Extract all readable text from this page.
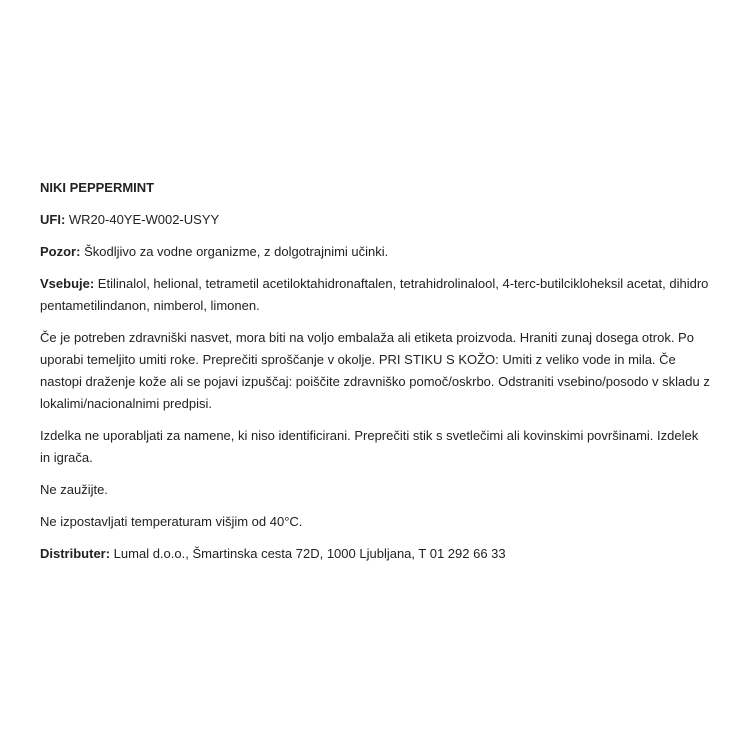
NIKI PEPPERMINT

UFI: WR20-40YE-W002-USYY

Pozor: Škodljivo za vodne organizme, z dolgotrajnimi učinki.

Vsebuje: Etilinalol, helional, tetrametil acetiloktahidronaftalen, tetrahidrolinalool, 4-terc-butilcikloheksil acetat, dihidro pentametilindanon, nimberol, limonen.

Če je potreben zdravniški nasvet, mora biti na voljo embalaža ali etiketa proizvoda. Hraniti zunaj dosega otrok. Po uporabi temeljito umiti roke. Preprečiti sproščanje v okolje. PRI STIKU S KOŽO: Umiti z veliko vode in mila. Če nastopi draženje kože ali se pojavi izpuščaj: poiščite zdravniško pomoč/oskrbo. Odstraniti vsebino/posodo v skladu z lokalimi/nacionalnimi predpisi.

Izdelka ne uporabljati za namene, ki niso identificirani. Preprečiti stik s svetlečimi ali kovinskimi površinami. Izdelek in igrača.

Ne zaužijte.

Ne izpostavljati temperaturam višjim od 40°C.

Distributer: Lumal d.o.o., Šmartinska cesta 72D, 1000 Ljubljana, T 01 292 66 33
